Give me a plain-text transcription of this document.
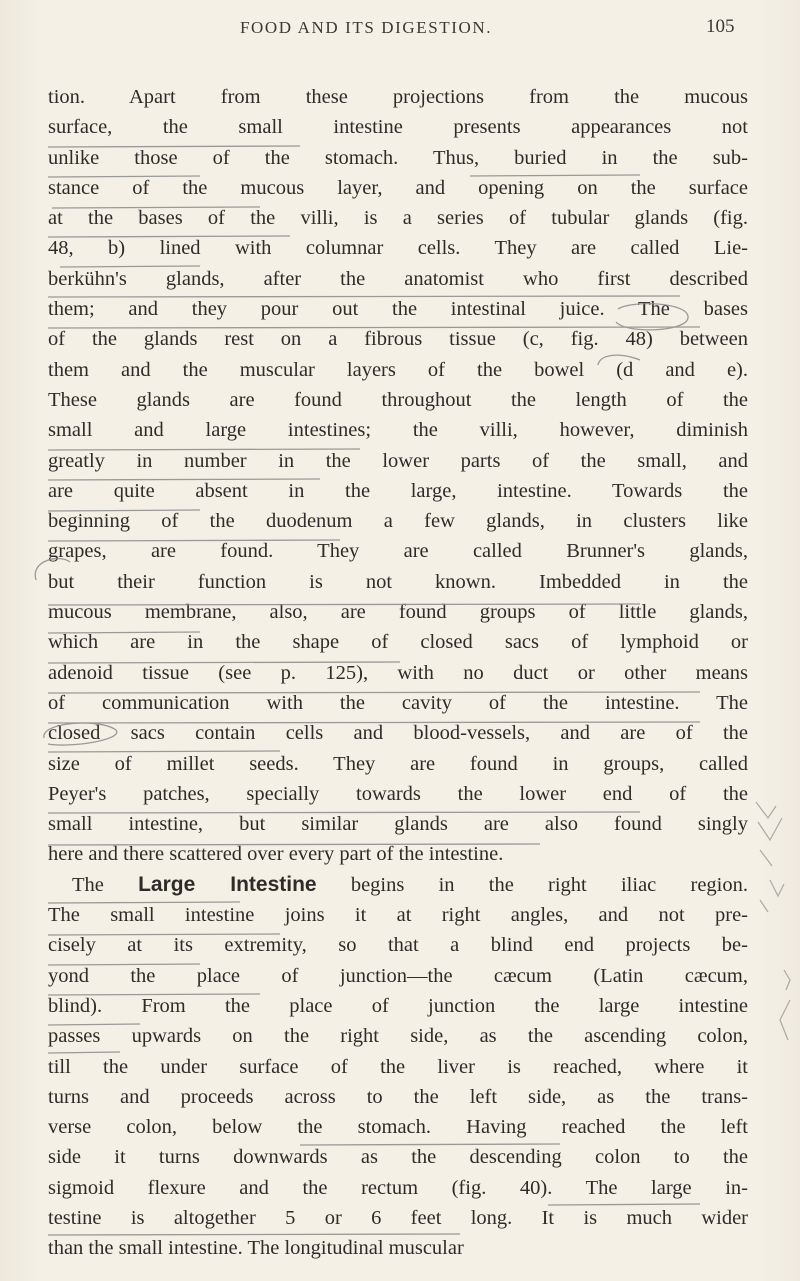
FOOD AND ITS DIGESTION.	105
tion. Apart from these projections from the mucous
surface, the small intestine presents appearances not
unlike those of the stomach. Thus, buried in the sub-
stance of the mucous layer, and opening on the surface
at the bases of the villi, is a series of tubular glands (fig.
48, b) lined with columnar cells. They are called Lie-
berkühn's glands, after the anatomist who first described
them; and they pour out the intestinal juice. The bases
of the glands rest on a fibrous tissue (c, fig. 48) between
them and the muscular layers of the bowel (d and e).
These glands are found throughout the length of the
small and large intestines; the villi, however, diminish
greatly in number in the lower parts of the small, and
are quite absent in the large, intestine. Towards the
beginning of the duodenum a few glands, in clusters like
grapes, are found. They are called Brunner's glands,
but their function is not known. Imbedded in the
mucous membrane, also, are found groups of little glands,
which are in the shape of closed sacs of lymphoid or
adenoid tissue (see p. 125), with no duct or other means
of communication with the cavity of the intestine. The
closed sacs contain cells and blood-vessels, and are of the
size of millet seeds. They are found in groups, called
Peyer's patches, specially towards the lower end of the
small intestine, but similar glands are also found singly
here and there scattered over every part of the intestine.
The Large Intestine begins in the right iliac region.
The small intestine joins it at right angles, and not pre-
cisely at its extremity, so that a blind end projects be-
yond the place of junction—the cæcum (Latin cæcum,
blind). From the place of junction the large intestine
passes upwards on the right side, as the ascending colon,
till the under surface of the liver is reached, where it
turns and proceeds across to the left side, as the trans-
verse colon, below the stomach. Having reached the left
side it turns downwards as the descending colon to the
sigmoid flexure and the rectum (fig. 40). The large in-
testine is altogether 5 or 6 feet long. It is much wider
than the small intestine. The longitudinal muscular
